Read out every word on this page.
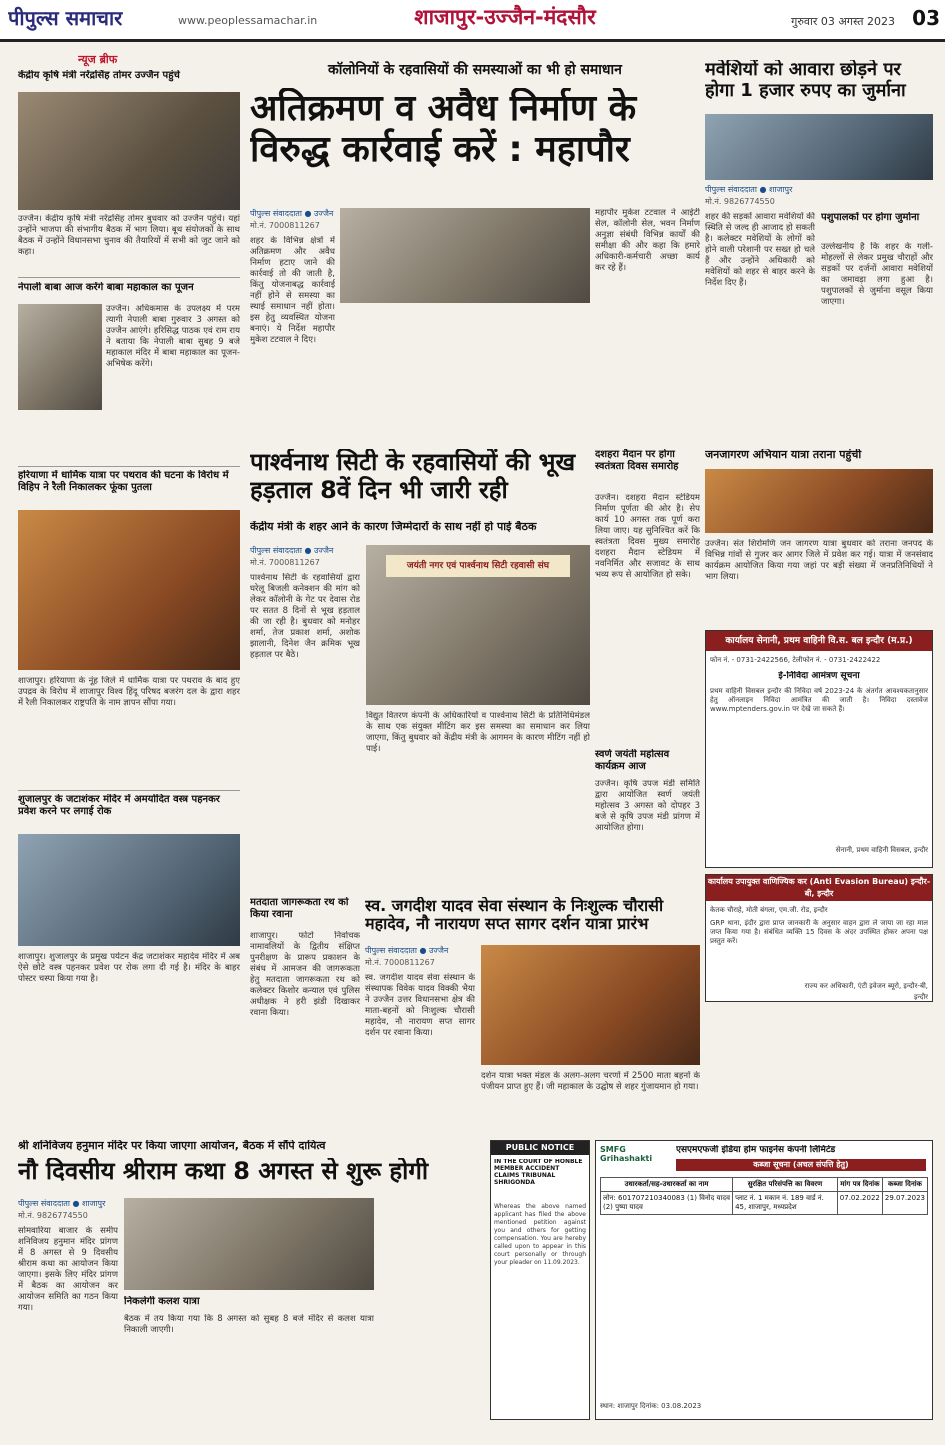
पीपुल्स समाचार	www.peoplessamachar.in	शाजापुर-उज्जैन-मंदसौर	गुरुवार 03 अगस्त 2023 03
न्यूज ब्रीफ
केंद्रीय कृषि मंत्री नरेंद्रसिंह तोमर उज्जैन पहुंचे
उज्जैन। केंद्रीय कृषि मंत्री नरेंद्रसिंह तोमर बुधवार को उज्जैन पहुंचे। यहां उन्होंने भाजपा की संभागीय बैठक में भाग लिया। बूथ संयोजकों के साथ बैठक में उन्होंने विधानसभा चुनाव की तैयारियों में सभी को जुट जाने को कहा।
नेपाली बाबा आज करेंगे बाबा महाकाल का पूजन
उज्जैन। अधिकमास के उपलक्ष्य में परम त्यागी नेपाली बाबा गुरुवार 3 अगस्त को उज्जैन आएंगे। हरिसिद्ध पाठक एवं राम राय ने बताया कि नेपाली बाबा सुबह 9 बजे महाकाल मंदिर में बाबा महाकाल का पूजन-अभिषेक करेंगे।
हरियाणा में धार्मिक यात्रा पर पथराव की घटना के विरोध में विहिप ने रैली निकालकर फूंका पुतला
शाजापुर। हरियाणा के नूंह जिले में धार्मिक यात्रा पर पथराव के बाद हुए उपद्रव के विरोध में शाजापुर विश्व हिंदू परिषद बजरंग दल के द्वारा शहर में रैली निकालकर राष्ट्रपति के नाम ज्ञापन सौंपा गया।
शुजालपुर के जटाशंकर मंदिर में अमर्यादित वस्त्र पहनकर प्रवेश करने पर लगाई रोक
शाजापुर। शुजालपुर के प्रमुख पर्यटन केंद्र जटाशंकर महादेव मंदिर में अब ऐसे छोटे वस्त्र पहनकर प्रवेश पर रोक लगा दी गई है। मंदिर के बाहर पोस्टर चस्पा किया गया है।
कॉलोनियों के रहवासियों की समस्याओं का भी हो समाधान
अतिक्रमण व अवैध निर्माण के विरुद्ध कार्रवाई करें : महापौर
पीपुल्स संवाददाता ● उज्जैन
मो.नं. 7000811267
शहर के विभिन्न क्षेत्रों में अतिक्रमण और अवैध निर्माण हटाए जाने की कार्रवाई तो की जाती है, किंतु योजनाबद्ध कार्रवाई नहीं होने से समस्या का स्थाई समाधान नहीं होता। इस हेतु व्यवस्थित योजना बनाएं। ये निर्देश महापौर मुकेश टटवाल ने दिए।
महापौर मुकेश टटवाल ने आईटी सेल, कॉलोनी सेल, भवन निर्माण अनुज्ञा संबंधी विभिन्न कार्यों की समीक्षा की और कहा कि हमारे अधिकारी-कर्मचारी अच्छा कार्य कर रहे हैं।
मवेशियों को आवारा छोड़ने पर होगा 1 हजार रुपए का जुर्माना
पीपुल्स संवाददाता ● शाजापुर
मो.नं. 9826774550
शहर की सड़कों आवारा मवेशियों की स्थिति से जल्द ही आजाद हो सकती है। कलेक्टर मवेशियों के लोगों को होने वाली परेशानी पर सख्त हो चले हैं और उन्होंने अधिकारी को मवेशियों को शहर से बाहर करने के निर्देश दिए हैं।
पशुपालकों पर होगा जुर्माना
उल्लेखनीय है कि शहर के गली-मोहल्लों से लेकर प्रमुख चौराहों और सड़कों पर दर्जनों आवारा मवेशियों का जमावड़ा लगा हुआ है। पशुपालकों से जुर्माना वसूल किया जाएगा।
पार्श्वनाथ सिटी के रहवासियों की भूख हड़ताल 8वें दिन भी जारी रही
केंद्रीय मंत्री के शहर आने के कारण जिम्मेदारों के साथ नहीं हो पाई बैठक
पीपुल्स संवाददाता ● उज्जैन
मो.नं. 7000811267
पार्श्वनाथ सिटी के रहवासियों द्वारा घरेलू बिजली कनेक्शन की मांग को लेकर कॉलोनी के गेट पर देवास रोड पर सतत 8 दिनों से भूख हड़ताल की जा रही है। बुधवार को मनोहर शर्मा, तेज प्रकाश शर्मा, अशोक झालानी, दिनेश जैन क्रमिक भूख हड़ताल पर बैठे।
जयंती नगर एवं पार्श्वनाथ सिटी रहवासी संघ
विद्युत वितरण कंपनी के अधिकारियों व पार्श्वनाथ सिटी के प्रतिनिधिमंडल के साथ एक संयुक्त मीटिंग कर इस समस्या का समाधान कर लिया जाएगा, किंतु बुधवार को केंद्रीय मंत्री के आगमन के कारण मीटिंग नहीं हो पाई।
दशहरा मैदान पर होगा स्वतंत्रता दिवस समारोह
उज्जैन। दशहरा मैदान स्टेडियम निर्माण पूर्णता की ओर है। सेप कार्य 10 अगस्त तक पूर्ण करा लिया जाए। यह सुनिश्चित करें कि स्वतंत्रता दिवस मुख्य समारोह दशहरा मैदान स्टेडियम में नवनिर्मित और सजावट के साथ भव्य रूप से आयोजित हो सके।
स्वर्ण जयंती महोत्सव कार्यक्रम आज
उज्जैन। कृषि उपज मंडी समिति द्वारा आयोजित स्वर्ण जयंती महोत्सव 3 अगस्त को दोपहर 3 बजे से कृषि उपज मंडी प्रांगण में आयोजित होगा।
जनजागरण अभियान यात्रा तराना पहुंची
उज्जैन। संत शिरोमणि जन जागरण यात्रा बुधवार को तराना जनपद के विभिन्न गांवों से गुजर कर आगर जिले में प्रवेश कर गई। यात्रा में जनसंवाद कार्यक्रम आयोजित किया गया जहां पर बड़ी संख्या में जनप्रतिनिधियों ने भाग लिया।
कार्यालय सेनानी, प्रथम वाहिनी वि.स. बल इन्दौर (म.प्र.)
फोन नं. - 0731-2422566, टेलीफोन नं. - 0731-2422422
ई-निविदा आमंत्रण सूचना
प्रथम वाहिनी विसबल इन्दौर की निविदा वर्ष 2023-24 के अंतर्गत आवश्यकतानुसार हेतु ऑनलाइन निविदा आमंत्रित की जाती है। निविदा दस्तावेज www.mptenders.gov.in पर देखे जा सकते हैं।
सेनानी, प्रथम वाहिनी विसबल, इन्दौर
कार्यालय उपायुक्त वाणिज्यिक कर (Anti Evasion Bureau) इन्दौर- बी, इन्दौर
केतक चौराहे, मोती बंगला, एम.जी. रोड, इन्दौर
GRP थाना, इंदौर द्वारा प्राप्त जानकारी के अनुसार वाहन द्वारा ले जाया जा रहा माल जप्त किया गया है। संबंधित व्यक्ति 15 दिवस के अंदर उपस्थित होकर अपना पक्ष प्रस्तुत करें।
राज्य कर अधिकारी, एंटी इवेजन ब्यूरो, इन्दौर-बी, इन्दौर
मतदाता जागरूकता रथ को किया रवाना
शाजापुर। फोटो निर्वाचक नामावलियों के द्वितीय संक्षिप्त पुनरीक्षण के प्रारूप प्रकाशन के संबंध में आमजन की जागरूकता हेतु मतदाता जागरूकता रथ को कलेक्टर किशोर कन्याल एवं पुलिस अधीक्षक ने हरी झंडी दिखाकर रवाना किया।
स्व. जगदीश यादव सेवा संस्थान के निःशुल्क चौरासी महादेव, नौ नारायण सप्त सागर दर्शन यात्रा प्रारंभ
पीपुल्स संवाददाता ● उज्जैन
मो.नं. 7000811267
स्व. जगदीश यादव सेवा संस्थान के संस्थापक विवेक यादव विक्की भैया ने उज्जैन उत्तर विधानसभा क्षेत्र की माता-बहनों को निःशुल्क चौरासी महादेव, नौ नारायण सप्त सागर दर्शन पर रवाना किया।
दर्शन यात्रा भक्त मंडल के अलग-अलग चरणों में 2500 माता बहनों के पंजीयन प्राप्त हुए हैं। जी महाकाल के उद्घोष से शहर गुंजायमान हो गया।
श्री शनिविजय हनुमान मंदिर पर किया जाएगा आयोजन, बैठक में सौंपे दायित्व
नौ दिवसीय श्रीराम कथा 8 अगस्त से शुरू होगी
पीपुल्स संवाददाता ● शाजापुर
मो.नं. 9826774550
सोमवारिया बाजार के समीप शनिविजय हनुमान मंदिर प्रांगण में 8 अगस्त से 9 दिवसीय श्रीराम कथा का आयोजन किया जाएगा। इसके लिए मंदिर प्रांगण में बैठक का आयोजन कर आयोजन समिति का गठन किया गया।
निकलेगी कलश यात्रा
बैठक में तय किया गया कि 8 अगस्त को सुबह 8 बजे मंदिर से कलश यात्रा निकाली जाएगी।
PUBLIC NOTICE
IN THE COURT OF HONBLE MEMBER ACCIDENT CLAIMS TRIBUNAL SHRIGONDA
Whereas the above named applicant has filed the above mentioned petition against you and others for getting compensation. You are hereby called upon to appear in this court personally or through your pleader on 11.09.2023.
SMFG Grihashakti
एसएमएफजी इंडिया होम फाइनेंस कंपनी लिमिटेड
कब्जा सूचना (अचल संपत्ति हेतु)
उधारकर्ता/सह-उधारकर्ता का नाम	सुरक्षित परिसंपत्ति का विवरण	मांग पत्र दिनांक	कब्जा दिनांक
लोन: 601707210340083 (1) विनोद यादव (2) पुष्पा यादव	प्लाट नं. 1 मकान नं. 189 वार्ड नं. 45, शाजापुर, मध्यप्रदेश	07.02.2022	29.07.2023
स्थान: शाजापुर दिनांक: 03.08.2023
